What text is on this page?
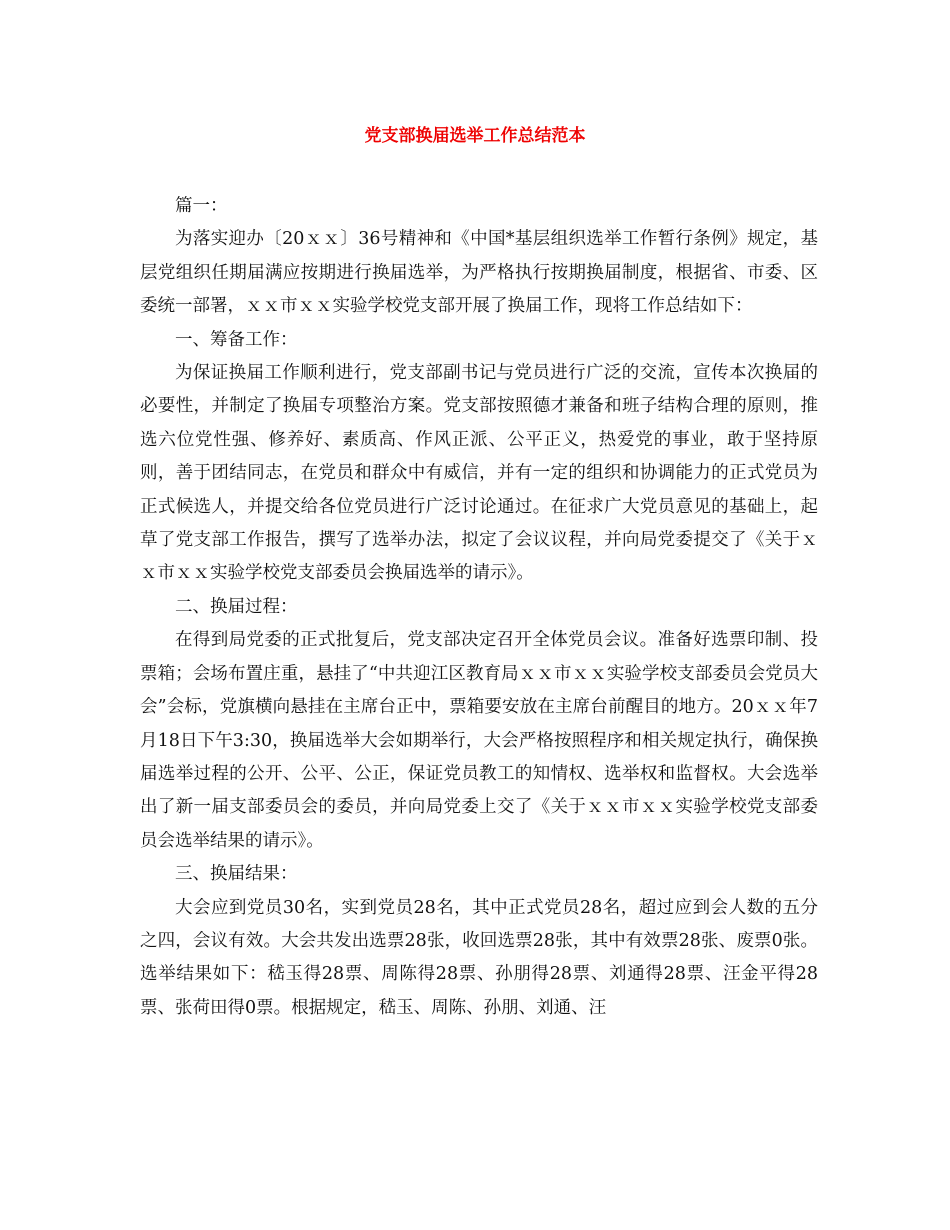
党支部换届选举工作总结范本

篇一：

为落实迎办〔20ｘｘ〕36号精神和《中国*基层组织选举工作暂行条例》规定，基层党组织任期届满应按期进行换届选举，为严格执行按期换届制度，根据省、市委、区委统一部署，ｘｘ市ｘｘ实验学校党支部开展了换届工作，现将工作总结如下：

一、筹备工作：

为保证换届工作顺利进行，党支部副书记与党员进行广泛的交流，宣传本次换届的必要性，并制定了换届专项整治方案。党支部按照德才兼备和班子结构合理的原则，推选六位党性强、修养好、素质高、作风正派、公平正义，热爱党的事业，敢于坚持原则，善于团结同志，在党员和群众中有威信，并有一定的组织和协调能力的正式党员为正式候选人，并提交给各位党员进行广泛讨论通过。在征求广大党员意见的基础上，起草了党支部工作报告，撰写了选举办法，拟定了会议议程，并向局党委提交了《关于ｘｘ市ｘｘ实验学校党支部委员会换届选举的请示》。

二、换届过程：

在得到局党委的正式批复后，党支部决定召开全体党员会议。准备好选票印制、投票箱；会场布置庄重，悬挂了“中共迎江区教育局ｘｘ市ｘｘ实验学校支部委员会党员大会”会标，党旗横向悬挂在主席台正中，票箱要安放在主席台前醒目的地方。20ｘｘ年7月18日下午3:30，换届选举大会如期举行，大会严格按照程序和相关规定执行，确保换届选举过程的公开、公平、公正，保证党员教工的知情权、选举权和监督权。大会选举出了新一届支部委员会的委员，并向局党委上交了《关于ｘｘ市ｘｘ实验学校党支部委员会选举结果的请示》。

三、换届结果：

大会应到党员30名，实到党员28名，其中正式党员28名，超过应到会人数的五分之四，会议有效。大会共发出选票28张，收回选票28张，其中有效票28张、废票0张。选举结果如下：嵇玉得28票、周陈得28票、孙朋得28票、刘通得28票、汪金平得28票、张荷田得0票。根据规定，嵇玉、周陈、孙朋、刘通、汪
